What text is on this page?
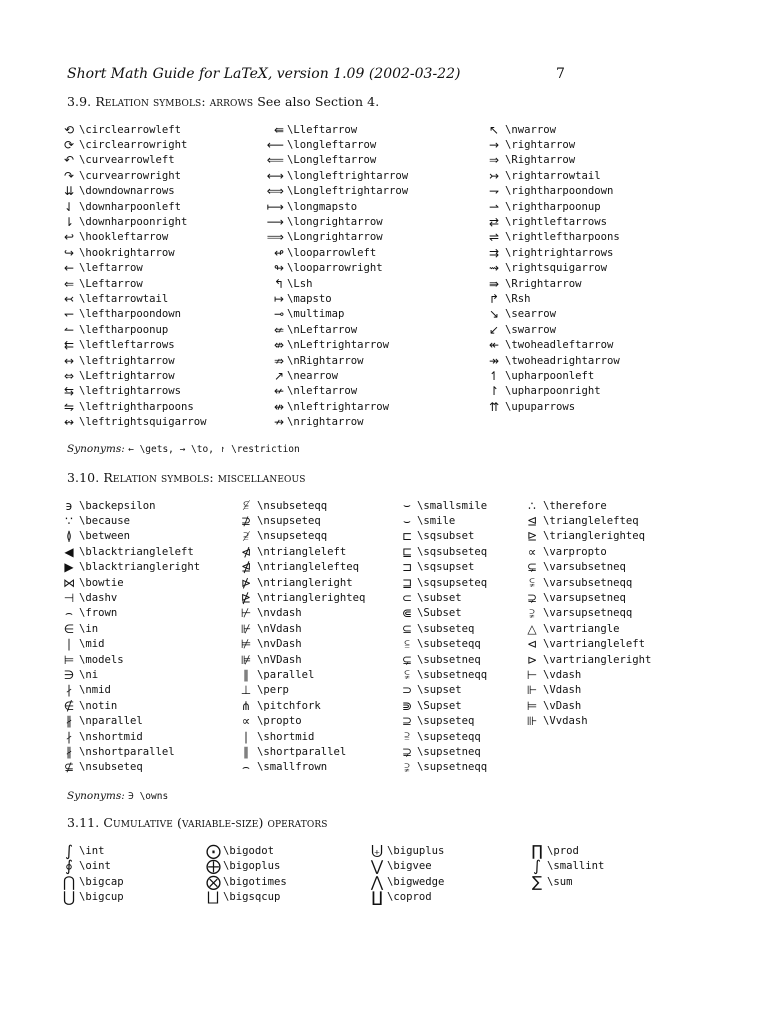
Short Math Guide for LaTeX, version 1.09 (2002-03-22)	7
3.9. Relation symbols: arrows See also Section 4.
⟲ \circlearrowleft
⟳ \circlearrowright
↶ \curvearrowleft
↷ \curvearrowright
⇊ \downdownarrows
⇃ \downharpoonleft
⇂ \downharpoonright
↩ \hookleftarrow
↪ \hookrightarrow
← \leftarrow
⇐ \Leftarrow
↢ \leftarrowtail
↽ \leftharpoondown
↼ \leftharpoonup
⇇ \leftleftarrows
↔ \leftrightarrow
⇔ \Leftrightarrow
⇆ \leftrightarrows
⇋ \leftrightharpoons
↭ \leftrightsquigarrow
⇚ \Lleftarrow
⟵ \longleftarrow
⟸ \Longleftarrow
⟷ \longleftrightarrow
⟺ \Longleftrightarrow
⟼ \longmapsto
⟶ \longrightarrow
⟹ \Longrightarrow
↫ \looparrowleft
↬ \looparrowright
↰ \Lsh
↦ \mapsto
⊸ \multimap
⇍ \nLeftarrow
⇎ \nLeftrightarrow
⇏ \nRightarrow
↗ \nearrow
↚ \nleftarrow
↮ \nleftrightarrow
↛ \nrightarrow
↖ \nwarrow
→ \rightarrow
⇒ \Rightarrow
↣ \rightarrowtail
⇁ \rightharpoondown
⇀ \rightharpoonup
⇄ \rightleftarrows
⇌ \rightleftharpoons
⇉ \rightrightarrows
⇝ \rightsquigarrow
⇛ \Rrightarrow
↱ \Rsh
↘ \searrow
↙ \swarrow
↞ \twoheadleftarrow
↠ \twoheadrightarrow
↿ \upharpoonleft
↾ \upharpoonright
⇈ \upuparrows
Synonyms: ← \gets, → \to, ↾ \restriction
3.10. Relation symbols: miscellaneous
϶ \backepsilon
∵ \because
≬ \between
◀ \blacktriangleleft
▶ \blacktriangleright
⋈ \bowtie
⊣ \dashv
⌢ \frown
∈ \in
∣ \mid
⊨ \models
∋ \ni
∤ \nmid
∉ \notin
∦ \nparallel
∤ \nshortmid
∦ \nshortparallel
⊈ \nsubseteq
⫅̸ \nsubseteqq
⊉ \nsupseteq
⫆̸ \nsupseteqq
⋪ \ntriangleleft
⋬ \ntrianglelefteq
⋫ \ntriangleright
⋭ \ntrianglerighteq
⊬ \nvdash
⊮ \nVdash
⊭ \nvDash
⊯ \nVDash
∥ \parallel
⊥ \perp
⋔ \pitchfork
∝ \propto
∣ \shortmid
∥ \shortparallel
⌢ \smallfrown
⌣ \smallsmile
⌣ \smile
⊏ \sqsubset
⊑ \sqsubseteq
⊐ \sqsupset
⊒ \sqsupseteq
⊂ \subset
⋐ \Subset
⊆ \subseteq
⫅ \subseteqq
⊊ \subsetneq
⫋ \subsetneqq
⊃ \supset
⋑ \Supset
⊇ \supseteq
⫆ \supseteqq
⊋ \supsetneq
⫌ \supsetneqq
∴ \therefore
⊴ \trianglelefteq
⊵ \trianglerighteq
∝ \varpropto
⊊ \varsubsetneq
⫋ \varsubsetneqq
⊋ \varsupsetneq
⫌ \varsupsetneqq
△ \vartriangle
⊲ \vartriangleleft
⊳ \vartriangleright
⊢ \vdash
⊩ \Vdash
⊨ \vDash
⊪ \Vvdash
Synonyms: ∋ \owns
3.11. Cumulative (variable-size) operators
∫ \int
∮ \oint
⋂ \bigcap
⋃ \bigcup
⨀ \bigodot
⨁ \bigoplus
⨂ \bigotimes
⨆ \bigsqcup
⨄ \biguplus
⋁ \bigvee
⋀ \bigwedge
∐ \coprod
∏ \prod
∫ \smallint
∑ \sum
